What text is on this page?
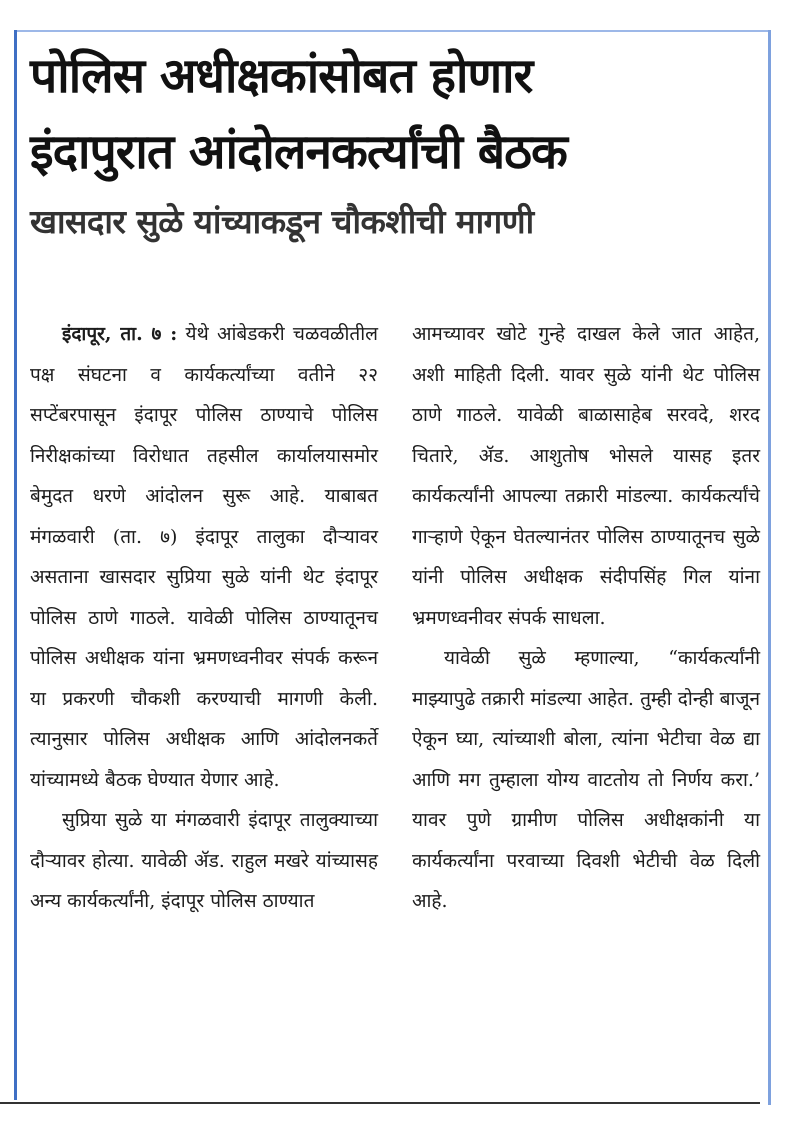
पोलिस अधीक्षकांसोबत होणार
इंदापुरात आंदोलनकर्त्यांची बैठक
खासदार सुळे यांच्याकडून चौकशीची मागणी

इंदापूर, ता. ७ : येथे आंबेडकरी चळवळीतील पक्ष संघटना व कार्यकर्त्यांच्या वतीने २२ सप्टेंबरपासून इंदापूर पोलिस ठाण्याचे पोलिस निरीक्षकांच्या विरोधात तहसील कार्यालयासमोर बेमुदत धरणे आंदोलन सुरू आहे. याबाबत मंगळवारी (ता. ७) इंदापूर तालुका दौऱ्यावर असताना खासदार सुप्रिया सुळे यांनी थेट इंदापूर पोलिस ठाणे गाठले. यावेळी पोलिस ठाण्यातूनच पोलिस अधीक्षक यांना भ्रमणध्वनीवर संपर्क करून या प्रकरणी चौकशी करण्याची मागणी केली. त्यानुसार पोलिस अधीक्षक आणि आंदोलनकर्ते यांच्यामध्ये बैठक घेण्यात येणार आहे.

सुप्रिया सुळे या मंगळवारी इंदापूर तालुक्याच्या दौऱ्यावर होत्या. यावेळी ॲड. राहुल मखरे यांच्यासह अन्य कार्यकर्त्यांनी, इंदापूर पोलिस ठाण्यात

आमच्यावर खोटे गुन्हे दाखल केले जात आहेत, अशी माहिती दिली. यावर सुळे यांनी थेट पोलिस ठाणे गाठले. यावेळी बाळासाहेब सरवदे, शरद चितारे, ॲड. आशुतोष भोसले यासह इतर कार्यकर्त्यांनी आपल्या तक्रारी मांडल्या. कार्यकर्त्यांचे गाऱ्हाणे ऐकून घेतल्यानंतर पोलिस ठाण्यातूनच सुळे यांनी पोलिस अधीक्षक संदीपसिंह गिल यांना भ्रमणध्वनीवर संपर्क साधला.

यावेळी सुळे म्हणाल्या, “कार्यकर्त्यांनी माझ्यापुढे तक्रारी मांडल्या आहेत. तुम्ही दोन्ही बाजून ऐकून घ्या, त्यांच्याशी बोला, त्यांना भेटीचा वेळ द्या आणि मग तुम्हाला योग्य वाटतोय तो निर्णय करा.’ यावर पुणे ग्रामीण पोलिस अधीक्षकांनी या कार्यकर्त्यांना परवाच्या दिवशी भेटीची वेळ दिली आहे.
